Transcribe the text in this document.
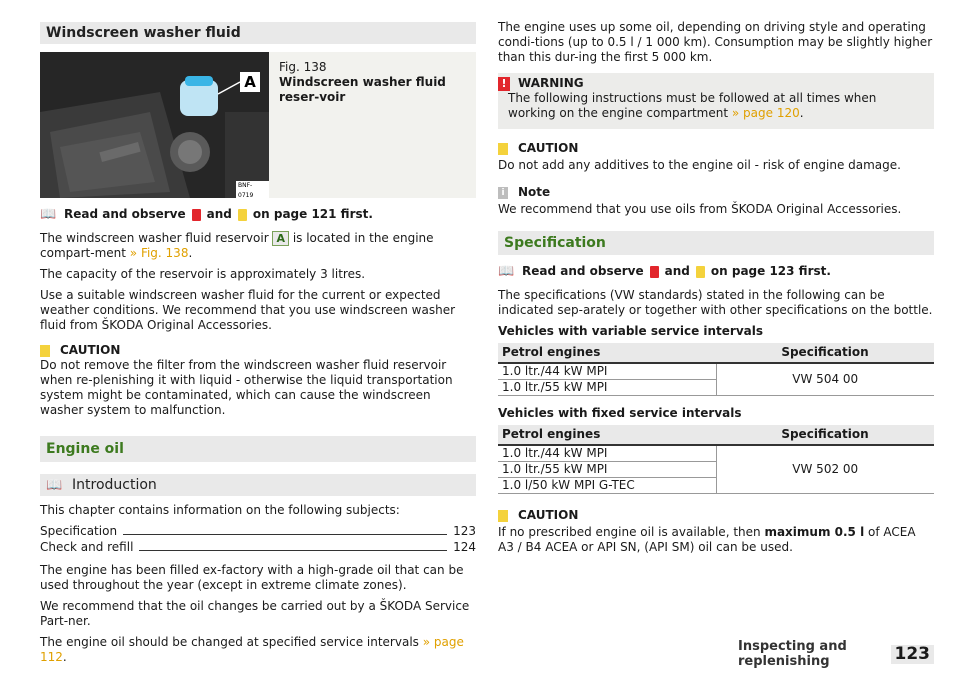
Windscreen washer fluid
A
BNF-0719
Fig. 138
Windscreen washer fluid reser-voir
📖 Read and observe and on page 121 first.

The windscreen washer fluid reservoir A is located in the engine compart-ment » Fig. 138.

The capacity of the reservoir is approximately 3 litres.

Use a suitable windscreen washer fluid for the current or expected weather conditions. We recommend that you use windscreen washer fluid from ŠKODA Original Accessories.

CAUTION

Do not remove the filter from the windscreen washer fluid reservoir when re-plenishing it with liquid - otherwise the liquid transportation system might be contaminated, which can cause the windscreen washer system to malfunction.

Engine oil
📖 Introduction

This chapter contains information on the following subjects:

Specification	123
Check and refill	124

The engine has been filled ex-factory with a high-grade oil that can be used throughout the year (except in extreme climate zones).

We recommend that the oil changes be carried out by a ŠKODA Service Part-ner.

The engine oil should be changed at specified service intervals » page 112.

The engine uses up some oil, depending on driving style and operating condi-tions (up to 0.5 l / 1 000 km). Consumption may be slightly higher than this dur-ing the first 5 000 km.

! WARNING
The following instructions must be followed at all times when working on the engine compartment » page 120.
CAUTION

Do not add any additives to the engine oil - risk of engine damage.

i Note

We recommend that you use oils from ŠKODA Original Accessories.

Specification
📖 Read and observe and on page 123 first.

The specifications (VW standards) stated in the following can be indicated sep-arately or together with other specifications on the bottle.

Vehicles with variable service intervals
Petrol engines	Specification
1.0 ltr./44 kW MPI	VW 504 00
1.0 ltr./55 kW MPI	
Vehicles with fixed service intervals
Petrol engines	Specification
1.0 ltr./44 kW MPI	VW 502 00
1.0 ltr./55 kW MPI	
1.0 l/50 kW MPI G-TEC	
CAUTION

If no prescribed engine oil is available, then maximum 0.5 l of ACEA A3 / B4 ACEA or API SN, (API SM) oil can be used.

Inspecting and replenishing	123
